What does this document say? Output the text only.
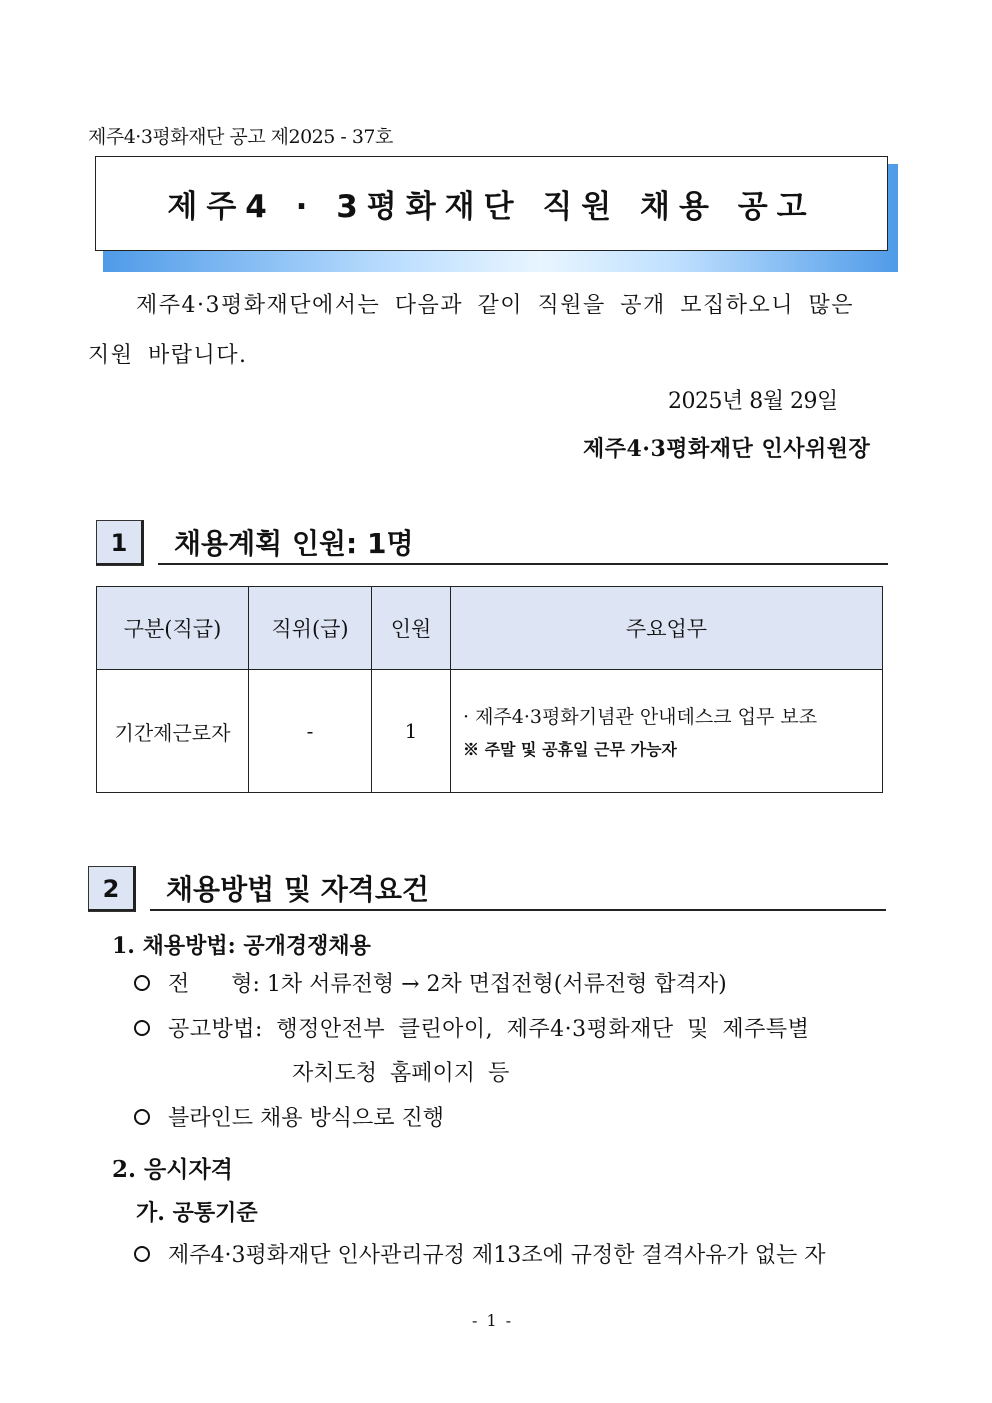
제주4·3평화재단 공고 제2025 - 37호
제주4 · 3평화재단 직원 채용 공고
제주4·3평화재단에서는 다음과 같이 직원을 공개 모집하오니 많은
지원 바랍니다.
2025년 8월 29일
제주4·3평화재단 인사위원장
1	채용계획 인원: 1명
구분(직급)	직위(급)	인원	주요업무
기간제근로자	-	1	· 제주4·3평화기념관 안내데스크 업무 보조
※ 주말 및 공휴일 근무 가능자
2	채용방법 및 자격요건
1. 채용방법: 공개경쟁채용
전      형: 1차 서류전형 → 2차 면접전형(서류전형 합격자)
공고방법: 행정안전부 클린아이, 제주4·3평화재단 및 제주특별
자치도청 홈페이지 등
블라인드 채용 방식으로 진행
2. 응시자격
가. 공통기준
제주4·3평화재단 인사관리규정 제13조에 규정한 결격사유가 없는 자
- 1 -
